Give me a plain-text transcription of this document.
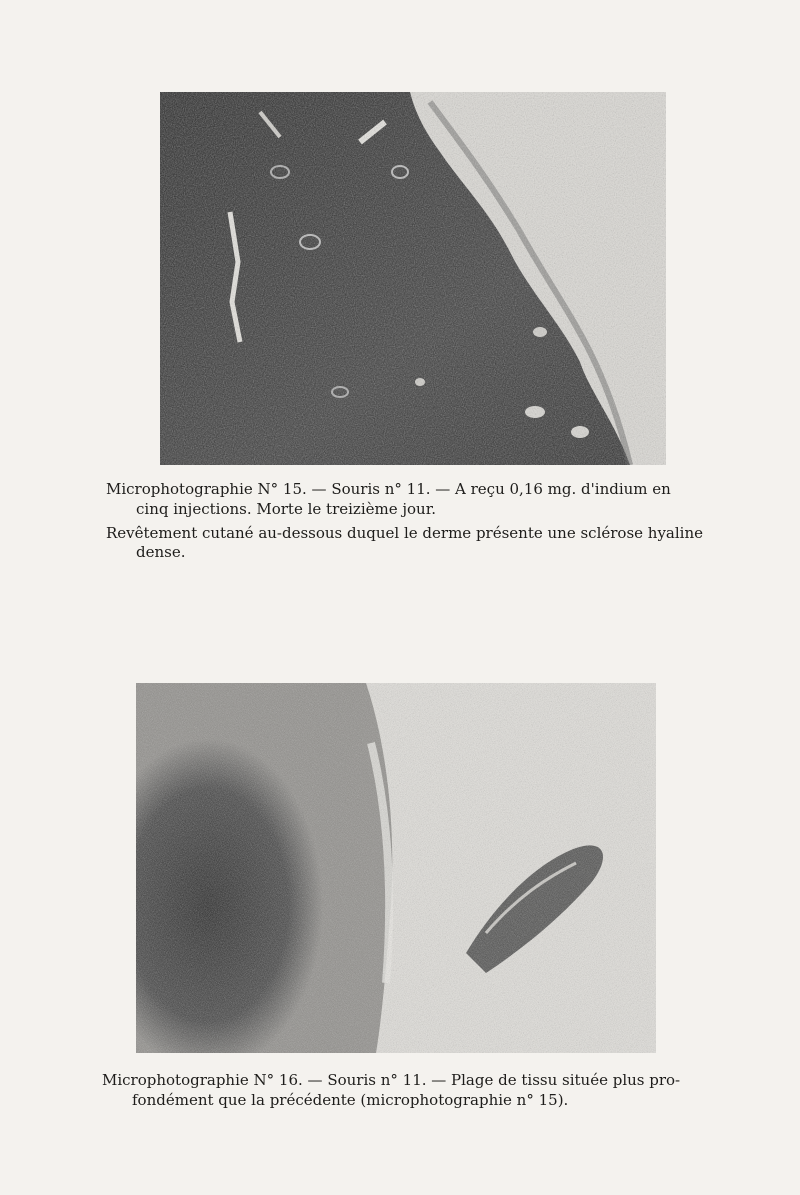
Microphotographie N° 15. — Souris n° 11. — A reçu 0,16 mg. d'indium en
cinq injections. Morte le treizième jour.
Revêtement cutané au-dessous duquel le derme présente une sclérose hyaline
dense.
Microphotographie N° 16. — Souris n° 11. — Plage de tissu située plus pro-
fondément que la précédente (microphotographie n° 15).
